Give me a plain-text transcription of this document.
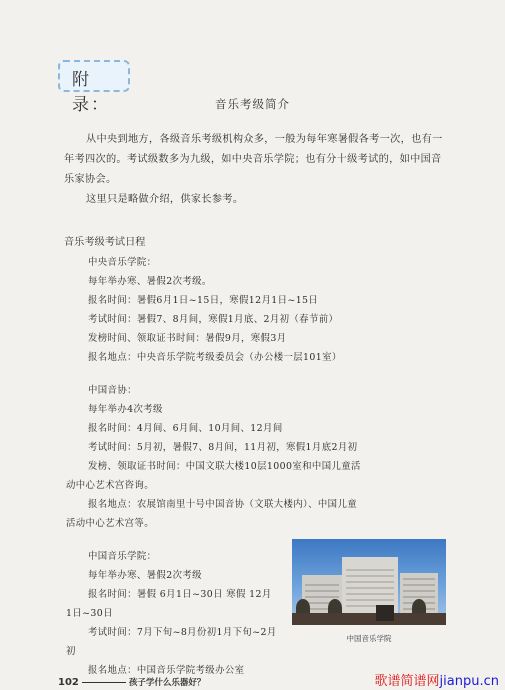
附录：	音乐考级简介
从中央到地方，各级音乐考级机构众多，一般为每年寒暑假各考一次，也有一
年考四次的。考试级数多为九级，如中央音乐学院；也有分十级考试的，如中国音
乐家协会。
这里只是略做介绍，供家长参考。
音乐考级考试日程
中央音乐学院：
每年举办寒、暑假2次考级。
报名时间：暑假6月1日~15日，寒假12月1日~15日
考试时间：暑假7、8月间，寒假1月底、2月初（春节前）
发榜时间、领取证书时间：暑假9月，寒假3月
报名地点：中央音乐学院考级委员会（办公楼一层101室）
中国音协：
每年举办4次考级
报名时间：4月间、6月间、10月间、12月间
考试时间：5月初，暑假7、8月间，11月初，寒假1月底2月初
发榜、领取证书时间：中国文联大楼10层1000室和中国儿童活
动中心艺术宫咨询。
报名地点：农展馆南里十号中国音协（文联大楼内）、中国儿童
活动中心艺术宫等。
中国音乐学院：
每年举办寒、暑假2次考级
报名时间：暑假 6月1日~30日 寒假 12月
1日~30日
考试时间：7月下旬~8月份初1月下旬~2月
初
报名地点：中国音乐学院考级办公室
中国音乐学院
102	孩子学什么乐器好？	歌谱简谱网jianpu.cn
